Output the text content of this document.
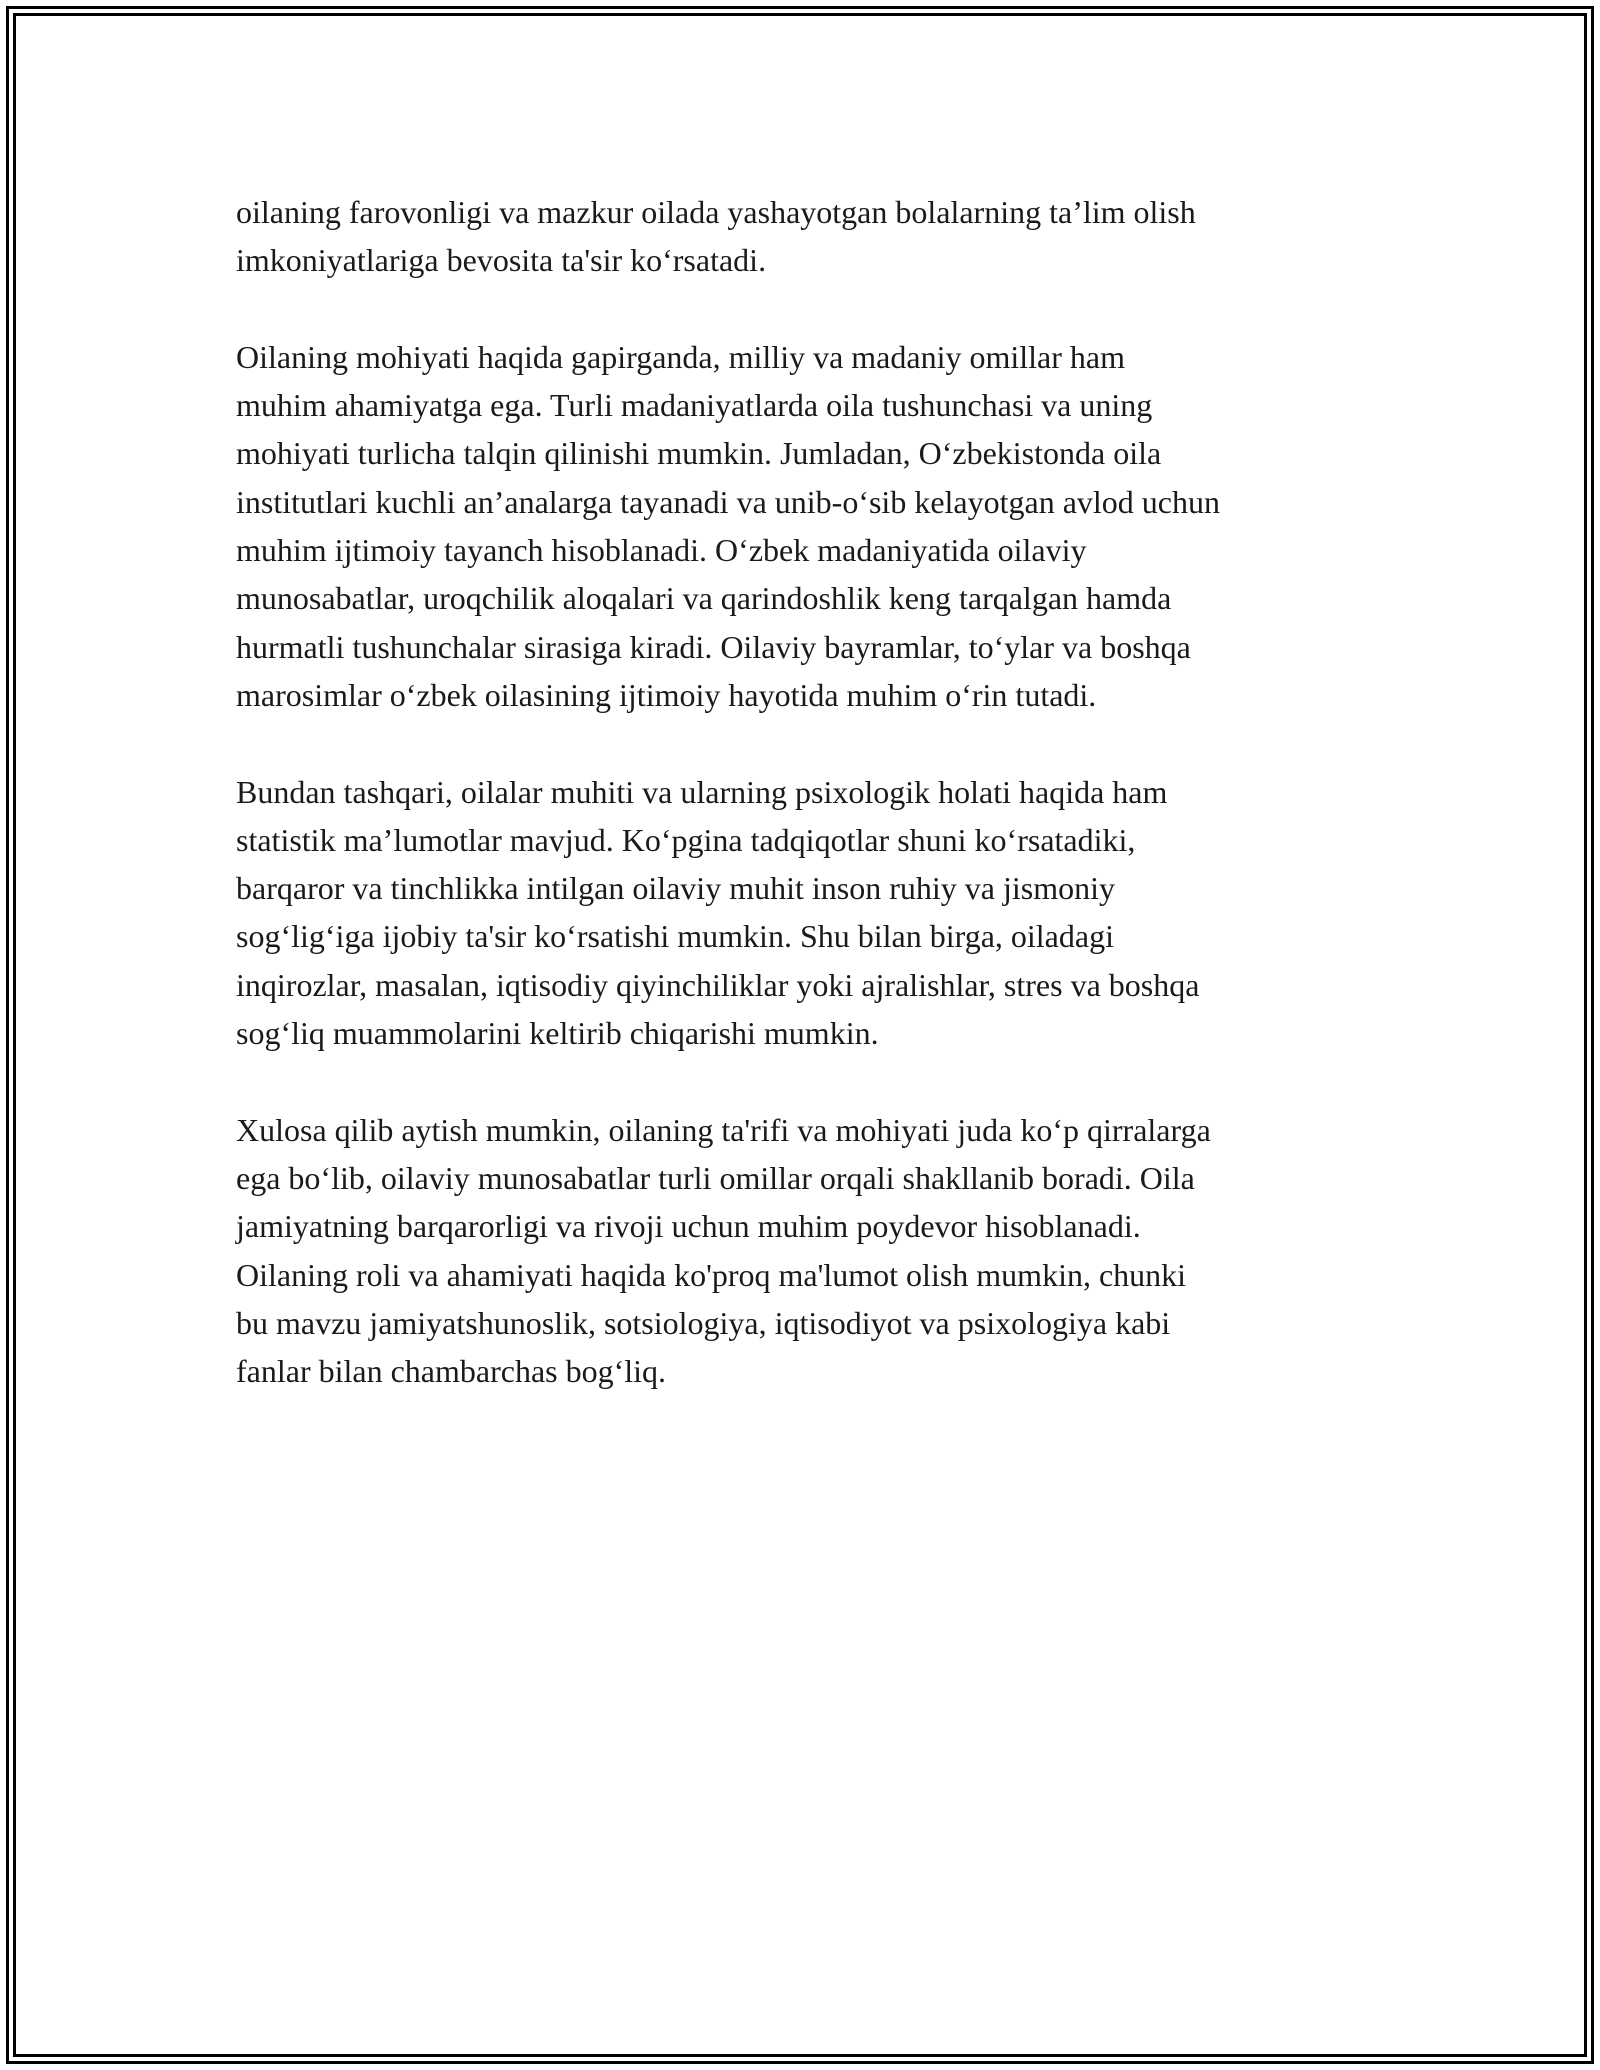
oilaning farovonligi va mazkur oilada yashayotgan bolalarning ta’lim olish
imkoniyatlariga bevosita ta'sir ko‘rsatadi.

Oilaning mohiyati haqida gapirganda, milliy va madaniy omillar ham
muhim ahamiyatga ega. Turli madaniyatlarda oila tushunchasi va uning
mohiyati turlicha talqin qilinishi mumkin. Jumladan, O‘zbekistonda oila
institutlari kuchli an’analarga tayanadi va unib-o‘sib kelayotgan avlod uchun
muhim ijtimoiy tayanch hisoblanadi. O‘zbek madaniyatida oilaviy
munosabatlar, uroqchilik aloqalari va qarindoshlik keng tarqalgan hamda
hurmatli tushunchalar sirasiga kiradi. Oilaviy bayramlar, to‘ylar va boshqa
marosimlar o‘zbek oilasining ijtimoiy hayotida muhim o‘rin tutadi.

Bundan tashqari, oilalar muhiti va ularning psixologik holati haqida ham
statistik ma’lumotlar mavjud. Ko‘pgina tadqiqotlar shuni ko‘rsatadiki,
barqaror va tinchlikka intilgan oilaviy muhit inson ruhiy va jismoniy
sog‘lig‘iga ijobiy ta'sir ko‘rsatishi mumkin. Shu bilan birga, oiladagi
inqirozlar, masalan, iqtisodiy qiyinchiliklar yoki ajralishlar, stres va boshqa
sog‘liq muammolarini keltirib chiqarishi mumkin.

Xulosa qilib aytish mumkin, oilaning ta'rifi va mohiyati juda ko‘p qirralarga
ega bo‘lib, oilaviy munosabatlar turli omillar orqali shakllanib boradi. Oila
jamiyatning barqarorligi va rivoji uchun muhim poydevor hisoblanadi.
Oilaning roli va ahamiyati haqida ko'proq ma'lumot olish mumkin, chunki
bu mavzu jamiyatshunoslik, sotsiologiya, iqtisodiyot va psixologiya kabi
fanlar bilan chambarchas bog‘liq.
